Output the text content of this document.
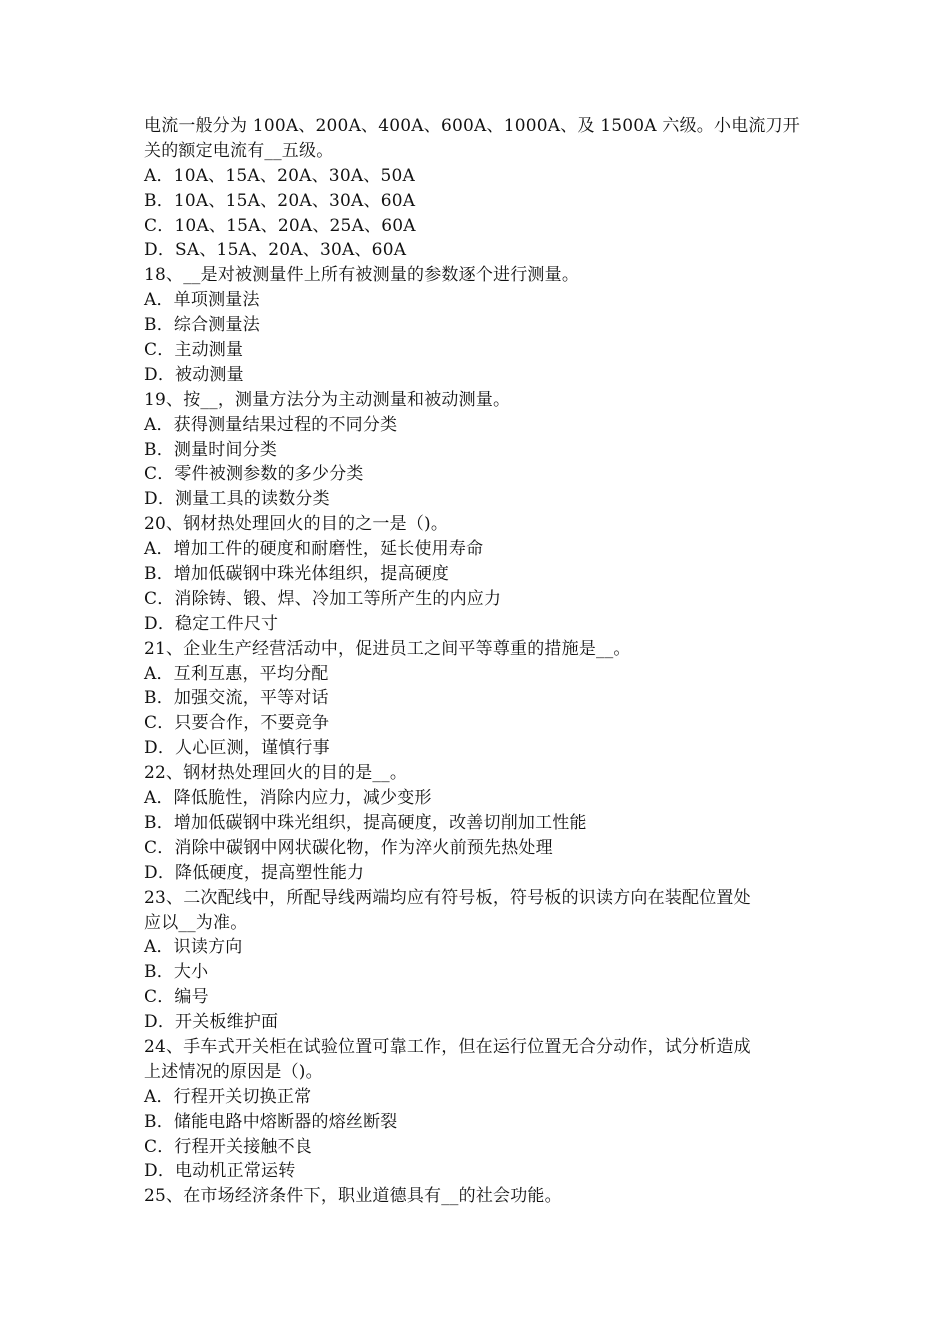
电流一般分为 100A、200A、400A、600A、1000A、及 1500A 六级。小电流刀开
关的额定电流有__五级。
A．10A、15A、20A、30A、50A
B．10A、15A、20A、30A、60A
C．10A、15A、20A、25A、60A
D．SA、15A、20A、30A、60A
18、__是对被测量件上所有被测量的参数逐个进行测量。
A．单项测量法
B．综合测量法
C．主动测量
D．被动测量
19、按__，测量方法分为主动测量和被动测量。
A．获得测量结果过程的不同分类
B．测量时间分类
C．零件被测参数的多少分类
D．测量工具的读数分类
20、钢材热处理回火的目的之一是（)。
A．增加工件的硬度和耐磨性，延长使用寿命
B．增加低碳钢中珠光体组织，提高硬度
C．消除铸、锻、焊、冷加工等所产生的内应力
D．稳定工件尺寸
21、企业生产经营活动中，促进员工之间平等尊重的措施是__。
A．互利互惠，平均分配
B．加强交流，平等对话
C．只要合作，不要竞争
D．人心叵测，谨慎行事
22、钢材热处理回火的目的是__。
A．降低脆性，消除内应力，减少变形
B．增加低碳钢中珠光组织，提高硬度，改善切削加工性能
C．消除中碳钢中网状碳化物，作为淬火前预先热处理
D．降低硬度，提高塑性能力
23、二次配线中，所配导线两端均应有符号板，符号板的识读方向在装配位置处
应以__为准。
A．识读方向
B．大小
C．编号
D．开关板维护面
24、手车式开关柜在试验位置可靠工作，但在运行位置无合分动作，试分析造成
上述情况的原因是（)。
A．行程开关切换正常
B．储能电路中熔断器的熔丝断裂
C．行程开关接触不良
D．电动机正常运转
25、在市场经济条件下，职业道德具有__的社会功能。
